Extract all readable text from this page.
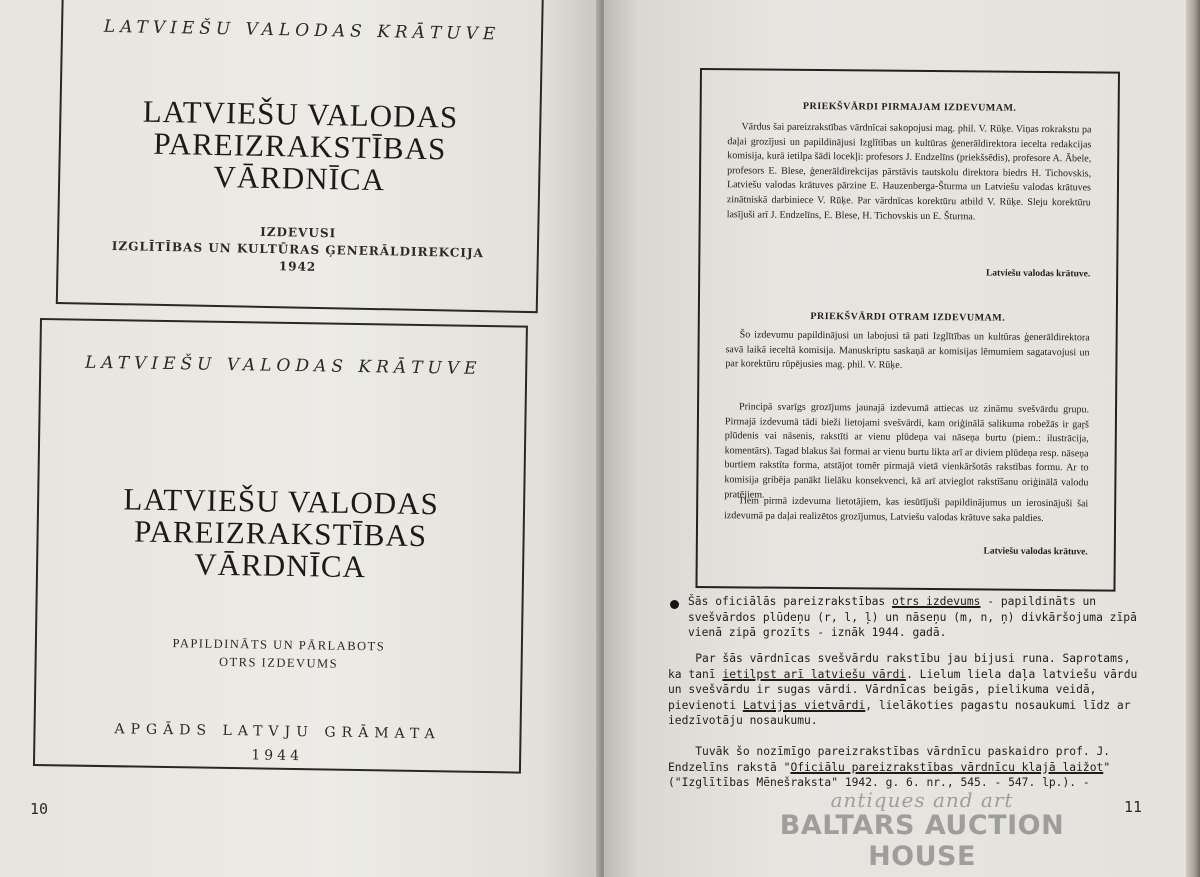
LATVIEŠU VALODAS KRĀTUVE
LATVIEŠU VALODAS
PAREIZRAKSTĪBAS
VĀRDNĪCA
IZDEVUSI
IZGLĪTĪBAS UN KULTŪRAS ĢENERĀLDIREKCIJA
1942
LATVIEŠU VALODAS KRĀTUVE
LATVIEŠU VALODAS
PAREIZRAKSTĪBAS
VĀRDNĪCA
PAPILDINĀTS UN PĀRLABOTS
OTRS IZDEVUMS
APGĀDS LATVJU GRĀMATA
1944
10
PRIEKŠVĀRDI PIRMAJAM IZDEVUMAM.

Vārdus šai pareizrakstības vārdnīcai sakopojusi mag. phil. V. Rūķe. Viņas rokrakstu pa daļai grozījusi un papildinājusi Izglītības un kultūras ģenerāldirektora iecelta redakcijas komisija, kurā ietilpa šādi locekļi: profesors J. Endzelīns (priekšsēdis), profesore A. Ābele, profesors E. Blese, ģenerāldirekcijas pārstāvis tautskolu direktora biedrs H. Tichovskis, Latviešu valodas krātuves pārzine E. Hauzenberga-Šturma un Latviešu valodas krātuves zinātniskā darbiniece V. Rūķe. Par vārdnīcas korektūru atbild V. Rūķe. Sleju korektūru lasījuši arī J. Endzelīns, E. Blese, H. Tichovskis un E. Šturma.

Latviešu valodas krātuve.
PRIEKŠVĀRDI OTRAM IZDEVUMAM.

Šo izdevumu papildinājusi un labojusi tā pati Izglītības un kultūras ģenerāldirektora savā laikā ieceltā komisija. Manuskriptu saskaņā ar komisijas lēmumiem sagatavojusi un par korektūru rūpējusies mag. phil. V. Rūķe.

Principā svarīgs grozījums jaunajā izdevumā attiecas uz zināmu svešvārdu grupu. Pirmajā izdevumā tādi bieži lietojami svešvārdi, kam oriģinālā salikuma robežās ir gaŗš plūdenis vai nāsenis, rakstīti ar vienu plūdeņa vai nāseņa burtu (piem.: ilustrācija, komentārs). Tagad blakus šai formai ar vienu burtu likta arī ar diviem plūdeņa resp. nāseņa burtiem rakstīta forma, atstājot tomēr pirmajā vietā vienkāršotās rakstības formu. Ar to komisija gribēja panākt lielāku konsekvenci, kā arī atvieglot rakstīšanu oriģinālā valodu pratējiem.

Tiem pirmā izdevuma lietotājiem, kas iesūtījuši papildinājumus un ierosinājuši šai izdevumā pa daļai realizētos grozījumus, Latviešu valodas krātuve saka paldies.

Latviešu valodas krātuve.

Šās oficiālās pareizrakstības otrs izdevums - papildināts un svešvārdos plūdeņu (r, l, ļ) un nāseņu (m, n, ņ) divkāršojuma zīpā vienā zipā grozīts - iznāk 1944. gadā.

Par šās vārdnīcas svešvārdu rakstību jau bijusi runa. Saprotams, ka tanī ietilpst arī latviešu vārdi. Lielum liela daļa latviešu vārdu un svešvārdu ir sugas vārdi. Vārdnīcas beigās, pielikuma veidā, pievienoti Latvijas vietvārdi, lielākoties pagastu nosaukumi līdz ar iedzīvotāju nosaukumu.

Tuvāk šo nozīmīgo pareizrakstības vārdnīcu paskaidro prof. J. Endzelīns rakstā "Oficiālu pareizrakstības vārdnīcu klajā laižot" ("Izglītības Mēnešraksta" 1942. g. 6. nr., 545. - 547. lp.). -

11
antiques and art
BALTARS AUCTION HOUSE
